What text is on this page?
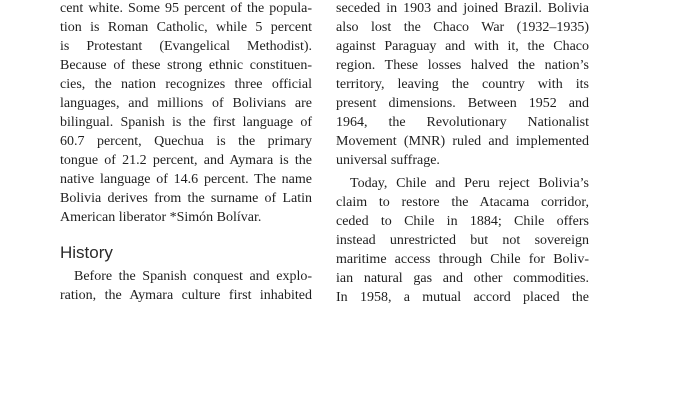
cent white. Some 95 percent of the popula-
tion is Roman Catholic, while 5 percent
is Protestant (Evangelical Methodist).
Because of these strong ethnic constituen-
cies, the nation recognizes three official
languages, and millions of Bolivians are
bilingual. Spanish is the first language of
60.7 percent, Quechua is the primary
tongue of 21.2 percent, and Aymara is the
native language of 14.6 percent. The name
Bolivia derives from the surname of Latin
American liberator *Simón Bolívar.
History
Before the Spanish conquest and explo-
ration, the Aymara culture first inhabited
seceded in 1903 and joined Brazil. Bolivia
also lost the Chaco War (1932–1935)
against Paraguay and with it, the Chaco
region. These losses halved the nation’s
territory, leaving the country with its
present dimensions. Between 1952 and
1964, the Revolutionary Nationalist
Movement (MNR) ruled and implemented
universal suffrage.
Today, Chile and Peru reject Bolivia’s
claim to restore the Atacama corridor,
ceded to Chile in 1884; Chile offers
instead unrestricted but not sovereign
maritime access through Chile for Boliv-
ian natural gas and other commodities.
In 1958, a mutual accord placed the
